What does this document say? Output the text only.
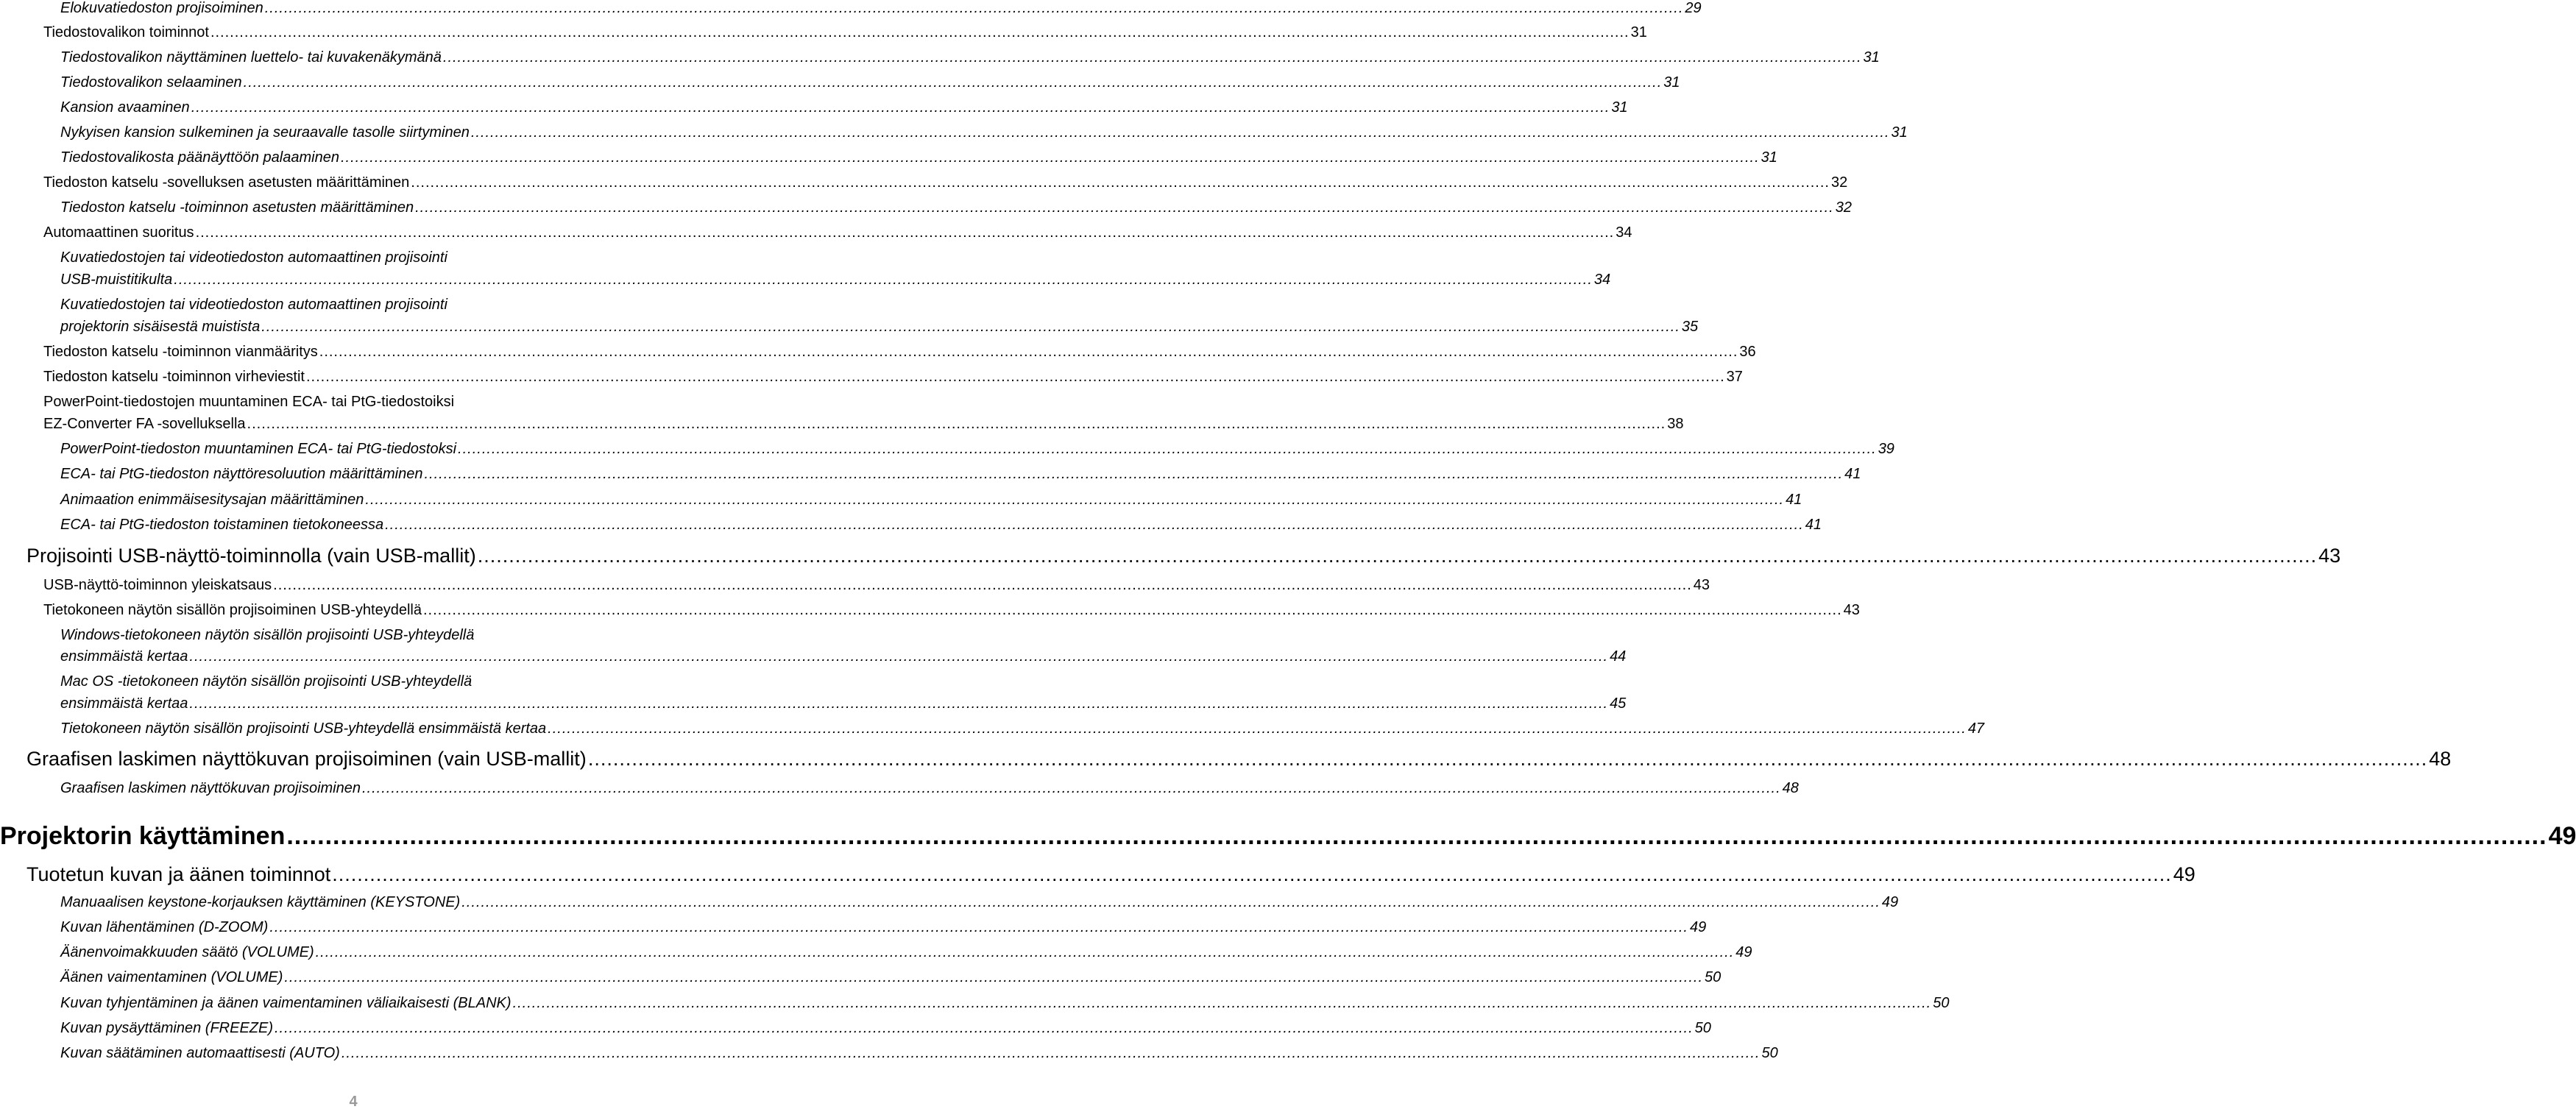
Elokuvatiedoston projisoiminen .....	29
Tiedostovalikon toiminnot .....	31
Tiedostovalikon näyttäminen luettelo- tai kuvakenäkymänä .....	31
Tiedostovalikon selaaminen .....	31
Kansion avaaminen .....	31
Nykyisen kansion sulkeminen ja seuraavalle tasolle siirtyminen .....	31
Tiedostovalikosta päänäyttöön palaaminen .....	31
Tiedoston katselu -sovelluksen asetusten määrittäminen .....	32
Tiedoston katselu -toiminnon asetusten määrittäminen .....	32
Automaattinen suoritus .....	34
Kuvatiedostojen tai videotiedoston automaattinen projisointi
USB-muistitikulta .....	34
Kuvatiedostojen tai videotiedoston automaattinen projisointi
projektorin sisäisestä muistista .....	35
Tiedoston katselu -toiminnon vianmääritys .....	36
Tiedoston katselu -toiminnon virheviestit .....	37
PowerPoint-tiedostojen muuntaminen ECA- tai PtG-tiedostoiksi
EZ-Converter FA -sovelluksella .....	38
PowerPoint-tiedoston muuntaminen ECA- tai PtG-tiedostoksi .....	39
ECA- tai PtG-tiedoston näyttöresoluution määrittäminen .....	41
Animaation enimmäisesitysajan määrittäminen .....	41
ECA- tai PtG-tiedoston toistaminen tietokoneessa .....	41
Projisointi USB-näyttö-toiminnolla (vain USB-mallit) .....	43
USB-näyttö-toiminnon yleiskatsaus .....	43
Tietokoneen näytön sisällön projisoiminen USB-yhteydellä .....	43
Windows-tietokoneen näytön sisällön projisointi USB-yhteydellä
ensimmäistä kertaa .....	44
Mac OS -tietokoneen näytön sisällön projisointi USB-yhteydellä
ensimmäistä kertaa .....	45
Tietokoneen näytön sisällön projisointi USB-yhteydellä ensimmäistä kertaa .....	47
Graafisen laskimen näyttökuvan projisoiminen (vain USB-mallit) .....	48
Graafisen laskimen näyttökuvan projisoiminen .....	48
Projektorin käyttäminen .....	49
Tuotetun kuvan ja äänen toiminnot .....	49
Manuaalisen keystone-korjauksen käyttäminen (KEYSTONE) .....	49
Kuvan lähentäminen (D-ZOOM) .....	49
Äänenvoimakkuuden säätö (VOLUME) .....	49
Äänen vaimentaminen (VOLUME) .....	50
Kuvan tyhjentäminen ja äänen vaimentaminen väliaikaisesti (BLANK) .....	50
Kuvan pysäyttäminen (FREEZE) .....	50
Kuvan säätäminen automaattisesti (AUTO) .....	50
4
